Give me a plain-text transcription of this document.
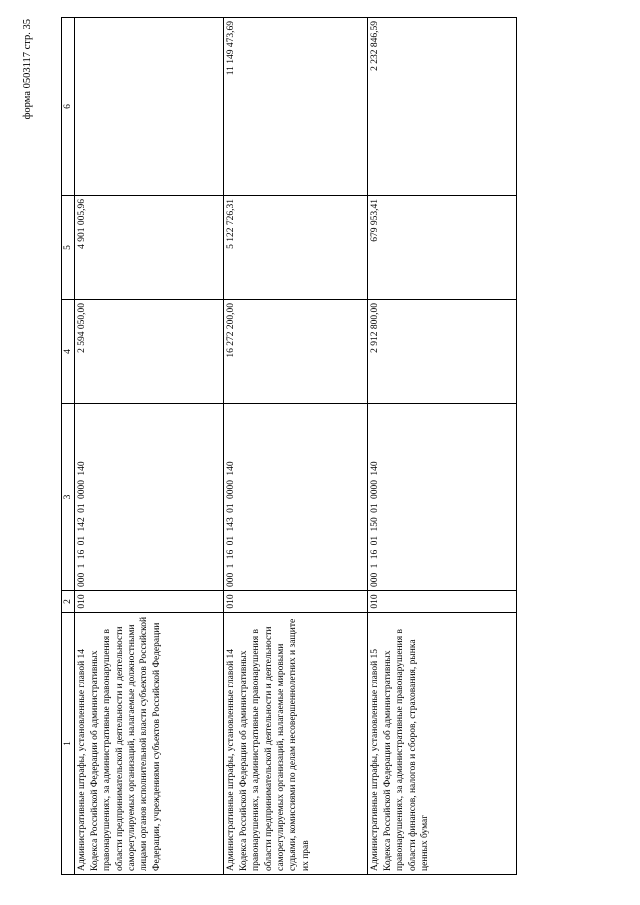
форма 0503117 стр. 35
1	2	3	4	5	6
Административные штрафы, установленные главой 14 Кодекса Российской Федерации об административных правонарушениях, за административные правонарушения в области предпринимательской деятельности и деятельности саморегулируемых организаций, налагаемые должностными лицами органов исполнительной власти субъектов Российской Федерации, учреждениями субъектов Российской Федерации	010	000 1 16 01 142 01 0000 140	2 594 050,00	4 901 005,96	
Административные штрафы, установленные главой 14 Кодекса Российской Федерации об административных правонарушениях, за административные правонарушения в области предпринимательской деятельности и деятельности саморегулируемых организаций, налагаемые мировыми судьями, комиссиями по делам несовершеннолетних и защите их прав	010	000 1 16 01 143 01 0000 140	16 272 200,00	5 122 726,31	11 149 473,69
Административные штрафы, установленные главой 15 Кодекса Российской Федерации об административных правонарушениях, за административные правонарушения в области финансов, налогов и сборов, страхования, рынка ценных бумаг	010	000 1 16 01 150 01 0000 140	2 912 800,00	679 953,41	2 232 846,59
